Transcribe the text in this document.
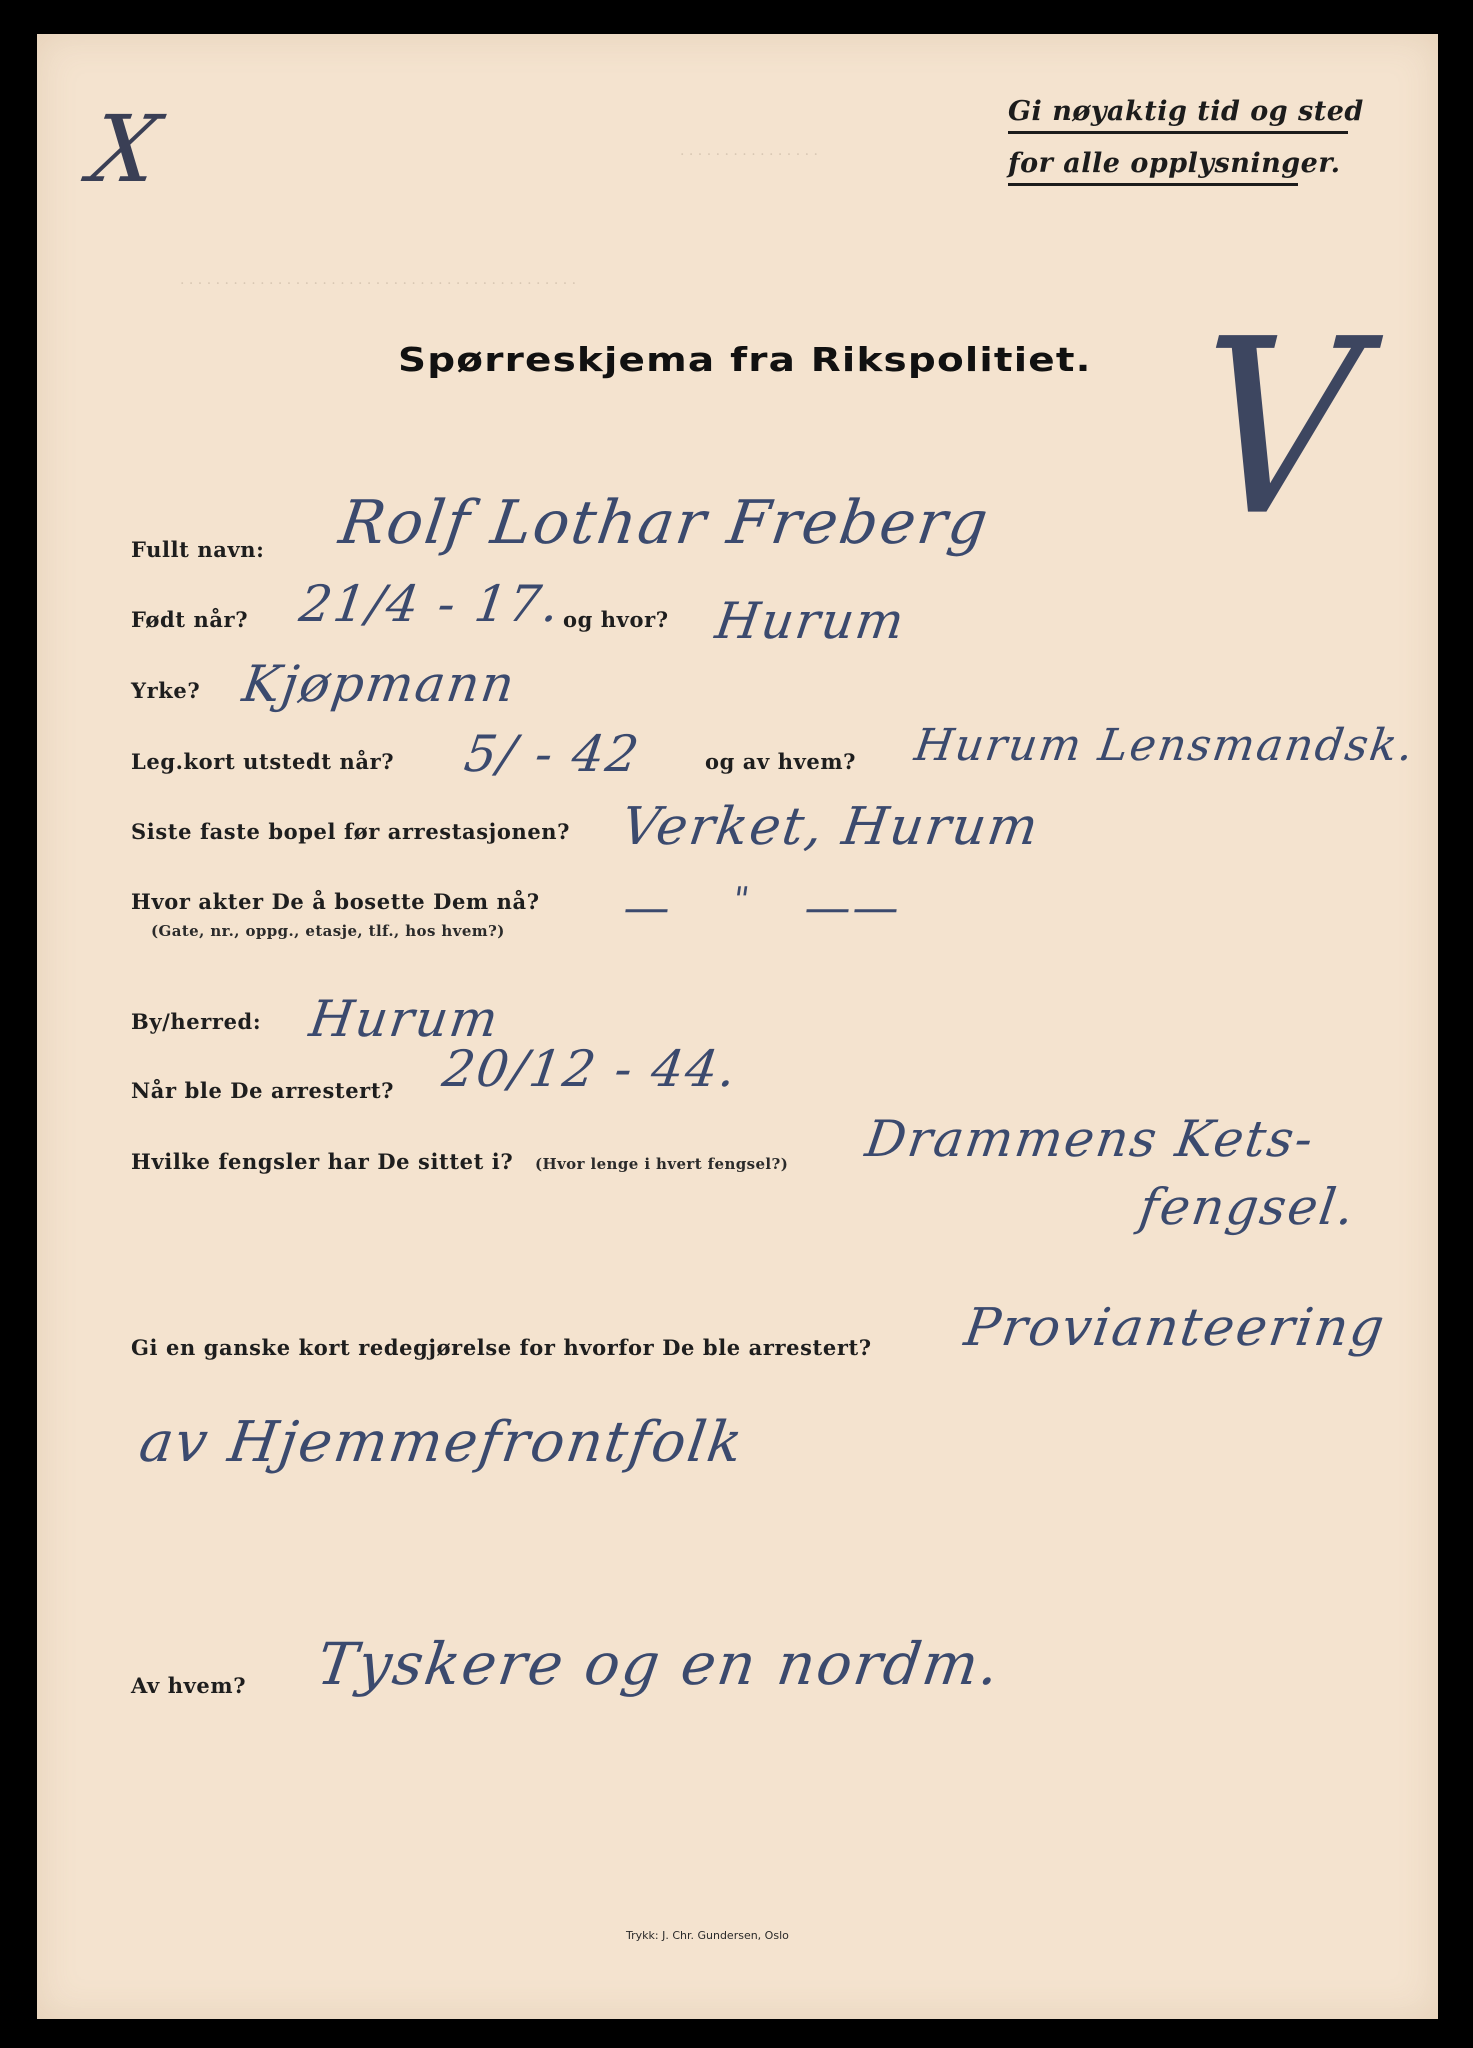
. . . . . . . . . . . . . . . .
. . . . . . . . . . . . . . . . . . . . . . . . . . . . . . . . . . . . . . . . . . . . .
X
V
Gi nøyaktig tid og sted
for alle opplysninger.
Spørreskjema fra Rikspolitiet.
Fullt navn: Rolf Lothar Freberg
Født når? 21/4 - 17.
og hvor? Hurum
Yrke? Kjøpmann
Leg.kort utstedt når? 5/ - 42	og av hvem? Hurum Lensmandsk.
Siste faste bopel før arrestasjonen? Verket, Hurum
Hvor akter De å bosette Dem nå?
(Gate, nr., oppg., etasje, tlf., hos hvem?)	— " ——
By/herred: Hurum
Når ble De arrestert? 20/12 - 44.
Hvilke fengsler har De sittet i? (Hvor lenge i hvert fengsel?) Drammens Kets-
fengsel.
Gi en ganske kort redegjørelse for hvorfor De ble arrestert? Provianteering
av Hjemmefrontfolk
Av hvem? Tyskere og en nordm.
Trykk: J. Chr. Gundersen, Oslo
